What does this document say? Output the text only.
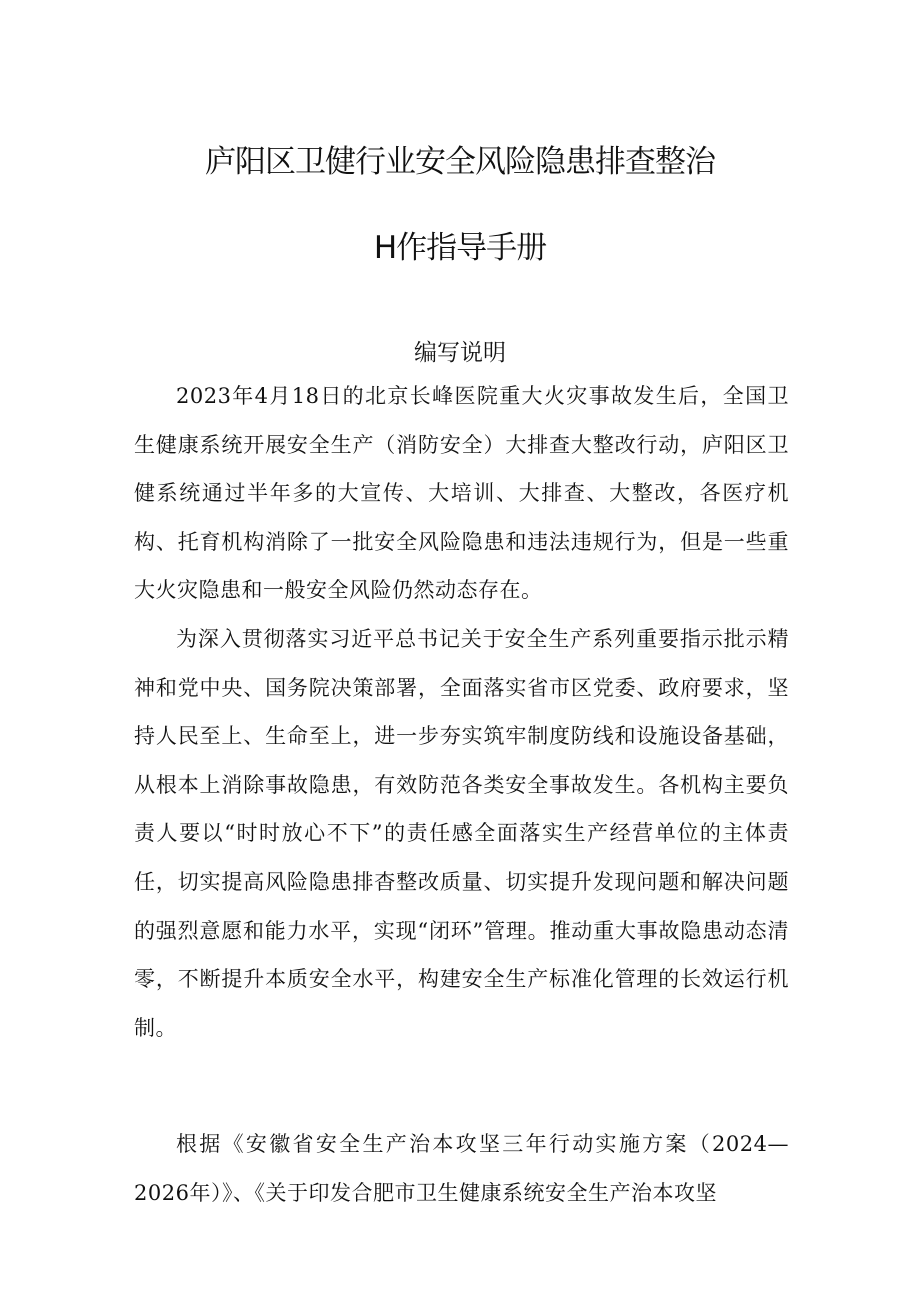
庐阳区卫健行业安全风险隐患排查整治
H作指导手册
编写说明

2023年4月18日的北京长峰医院重大火灾事故发生后，全国卫生健康系统开展安全生产（消防安全）大排查大整改行动，庐阳区卫健系统通过半年多的大宣传、大培训、大排查、大整改，各医疗机构、托育机构消除了一批安全风险隐患和违法违规行为，但是一些重大火灾隐患和一般安全风险仍然动态存在。

为深入贯彻落实习近平总书记关于安全生产系列重要指示批示精神和党中央、国务院决策部署，全面落实省市区党委、政府要求，坚持人民至上、生命至上，进一步夯实筑牢制度防线和设施设备基础，从根本上消除事故隐患，有效防范各类安全事故发生。各机构主要负责人要以“时时放心不下”的责任感全面落实生产经营单位的主体责任，切实提高风险隐患排杳整改质量、切实提升发现问题和解决问题的强烈意愿和能力水平，实现“闭环”管理。推动重大事故隐患动态清零，不断提升本质安全水平，构建安全生产标准化管理的长效运行机制。

根据《安徽省安全生产治本攻坚三年行动实施方案（2024—2026年）》、《关于印发合肥市卫生健康系统安全生产治本攻坚
